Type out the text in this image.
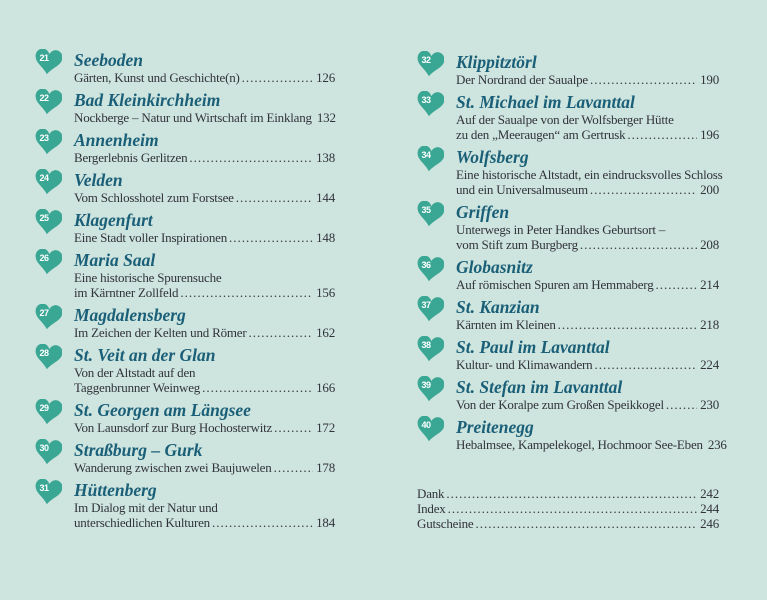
21 Seeboden
Gärten, Kunst und Geschichte(n) .....	126
22 Bad Kleinkirchheim
Nockberge – Natur und Wirtschaft im Einklang 132
23 Annenheim
Bergerlebnis Gerlitzen .....	138
24 Velden
Vom Schlosshotel zum Forstsee .....	144
25 Klagenfurt
Eine Stadt voller Inspirationen .....	148
26 Maria Saal
Eine historische Spurensuche
im Kärntner Zollfeld .....	156
27 Magdalensberg
Im Zeichen der Kelten und Römer .....	162
28 St. Veit an der Glan
Von der Altstadt auf den
Taggenbrunner Weinweg .....	166
29 St. Georgen am Längsee
Von Launsdorf zur Burg Hochosterwitz .....	172
30 Straßburg – Gurk
Wanderung zwischen zwei Baujuwelen .....	178
31 Hüttenberg
Im Dialog mit der Natur und
unterschiedlichen Kulturen .....	184
32 Klippitztörl
Der Nordrand der Saualpe .....	190
33 St. Michael im Lavanttal
Auf der Saualpe von der Wolfsberger Hütte
zu den „Meeraugen“ am Gertrusk .....	196
34 Wolfsberg
Eine historische Altstadt, ein eindrucksvolles Schloss
und ein Universalmuseum .....	200
35 Griffen
Unterwegs in Peter Handkes Geburtsort –
vom Stift zum Burgberg .....	208
36 Globasnitz
Auf römischen Spuren am Hemmaberg .....	214
37 St. Kanzian
Kärnten im Kleinen .....	218
38 St. Paul im Lavanttal
Kultur- und Klimawandern .....	224
39 St. Stefan im Lavanttal
Von der Koralpe zum Großen Speikkogel .....	230
40 Preitenegg
Hebalmsee, Kampelekogel, Hochmoor See-Eben 236
Dank .....	242
Index .....	244
Gutscheine .....	246
